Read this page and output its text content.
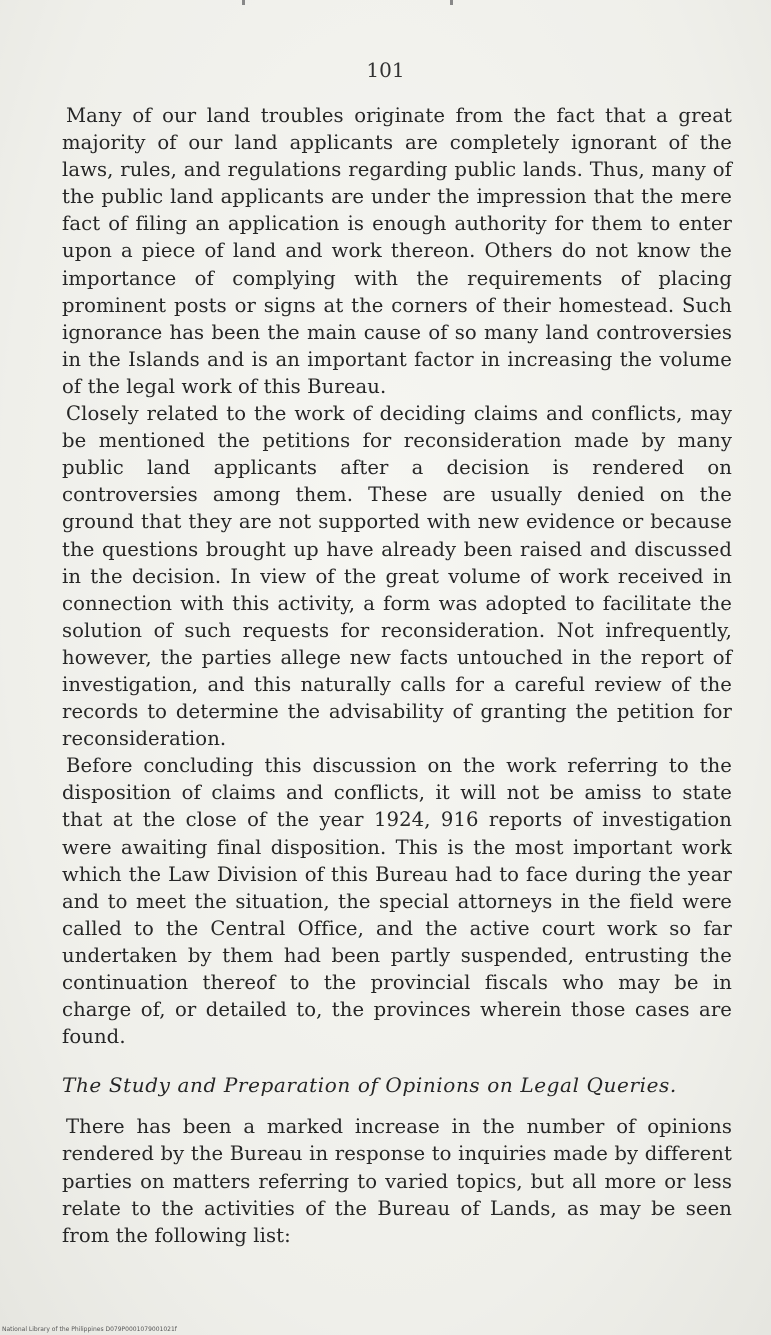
101

Many of our land troubles originate from the fact that a great majority of our land applicants are completely ignorant of the laws, rules, and regulations regarding public lands. Thus, many of the public land applicants are under the impression that the mere fact of filing an application is enough authority for them to enter upon a piece of land and work thereon. Others do not know the importance of complying with the requirements of placing prominent posts or signs at the corners of their homestead. Such ignorance has been the main cause of so many land controversies in the Islands and is an important factor in increasing the volume of the legal work of this Bureau.

Closely related to the work of deciding claims and conflicts, may be mentioned the petitions for reconsideration made by many public land applicants after a decision is rendered on controversies among them. These are usually denied on the ground that they are not supported with new evidence or because the questions brought up have already been raised and discussed in the decision. In view of the great volume of work received in connection with this activity, a form was adopted to facilitate the solution of such requests for reconsideration. Not infrequently, however, the parties allege new facts untouched in the report of investigation, and this naturally calls for a careful review of the records to determine the advisability of granting the petition for reconsideration.

Before concluding this discussion on the work referring to the disposition of claims and conflicts, it will not be amiss to state that at the close of the year 1924, 916 reports of investigation were awaiting final disposition. This is the most important work which the Law Division of this Bureau had to face during the year and to meet the situation, the special attorneys in the field were called to the Central Office, and the active court work so far undertaken by them had been partly suspended, entrusting the continuation thereof to the provincial fiscals who may be in charge of, or detailed to, the provinces wherein those cases are found.

The Study and Preparation of Opinions on Legal Queries.

There has been a marked increase in the number of opinions rendered by the Bureau in response to inquiries made by different parties on matters referring to varied topics, but all more or less relate to the activities of the Bureau of Lands, as may be seen from the following list:

National Library of the Philippines D079P0001079001021f
